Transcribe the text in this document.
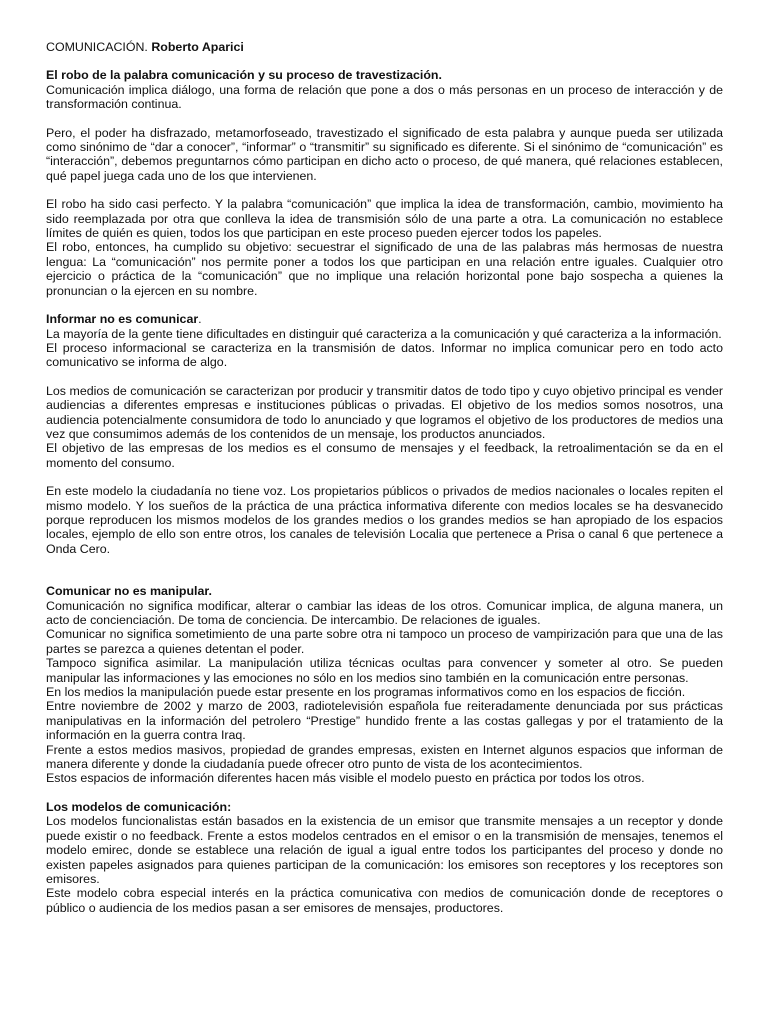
COMUNICACIÓN. Roberto Aparici
El robo de la palabra comunicación y su proceso de travestización.
Comunicación implica diálogo, una forma de relación que pone a dos o más personas en un proceso de interacción y de transformación continua.
Pero, el poder ha disfrazado, metamorfoseado, travestizado el significado de esta palabra y aunque pueda ser utilizada como sinónimo de “dar a conocer”, “informar” o “transmitir” su significado es diferente. Si el sinónimo de “comunicación” es “interacción”, debemos preguntarnos cómo participan en dicho acto o proceso, de qué manera, qué relaciones establecen, qué papel juega cada uno de los que intervienen.
El robo ha sido casi perfecto. Y la palabra “comunicación” que implica la idea de transformación, cambio, movimiento ha sido reemplazada por otra que conlleva la idea de transmisión sólo de una parte a otra. La comunicación no establece límites de quién es quien, todos los que participan en este proceso pueden ejercer todos los papeles.
El robo, entonces, ha cumplido su objetivo: secuestrar el significado de una de las palabras más hermosas de nuestra lengua: La “comunicación” nos permite poner a todos los que participan en una relación entre iguales. Cualquier otro ejercicio o práctica de la “comunicación” que no implique una relación horizontal pone bajo sospecha a quienes la pronuncian o la ejercen en su nombre.
Informar no es comunicar.
La mayoría de la gente tiene dificultades en distinguir qué caracteriza a la comunicación y qué caracteriza a la información.
El proceso informacional se caracteriza en la transmisión de datos. Informar no implica comunicar pero en todo acto comunicativo se informa de algo.
Los medios de comunicación se caracterizan por producir y transmitir datos de todo tipo y cuyo objetivo principal es vender audiencias a diferentes empresas e instituciones públicas o privadas. El objetivo de los medios somos nosotros, una audiencia potencialmente consumidora de todo lo anunciado y que logramos el objetivo de los productores de medios una vez que consumimos además de los contenidos de un mensaje, los productos anunciados.
El objetivo de las empresas de los medios es el consumo de mensajes y el feedback, la retroalimentación se da en el momento del consumo.
En este modelo la ciudadanía no tiene voz. Los propietarios públicos o privados de medios nacionales o locales repiten el mismo modelo. Y los sueños de la práctica de una práctica informativa diferente con medios locales se ha desvanecido porque reproducen los mismos modelos de los grandes medios o los grandes medios se han apropiado de los espacios locales, ejemplo de ello son entre otros, los canales de televisión Localia que pertenece a Prisa o canal 6 que pertenece a Onda Cero.
Comunicar no es manipular.
Comunicación no significa modificar, alterar o cambiar las ideas de los otros. Comunicar implica, de alguna manera, un acto de concienciación. De toma de conciencia. De intercambio. De relaciones de iguales.
Comunicar no significa sometimiento de una parte sobre otra ni tampoco un proceso de vampirización para que una de las partes se parezca a quienes detentan el poder.
Tampoco significa asimilar. La manipulación utiliza técnicas ocultas para convencer y someter al otro. Se pueden manipular las informaciones y las emociones no sólo en los medios sino también en la comunicación entre personas.
En los medios la manipulación puede estar presente en los programas informativos como en los espacios de ficción.
Entre noviembre de 2002 y marzo de 2003, radiotelevisión española fue reiteradamente denunciada por sus prácticas manipulativas en la información del petrolero “Prestige” hundido frente a las costas gallegas y por el tratamiento de la información en la guerra contra Iraq.
Frente a estos medios masivos, propiedad de grandes empresas, existen en Internet algunos espacios que informan de manera diferente y donde la ciudadanía puede ofrecer otro punto de vista de los acontecimientos.
Estos espacios de información diferentes hacen más visible el modelo puesto en práctica por todos los otros.
Los modelos de comunicación:
Los modelos funcionalistas están basados en la existencia de un emisor que transmite mensajes a un receptor y donde puede existir o no feedback. Frente a estos modelos centrados en el emisor o en la transmisión de mensajes, tenemos el modelo emirec, donde se establece una relación de igual a igual entre todos los participantes del proceso y donde no existen papeles asignados para quienes participan de la comunicación: los emisores son receptores y los receptores son emisores.
Este modelo cobra especial interés en la práctica comunicativa con medios de comunicación donde de receptores o público o audiencia de los medios pasan a ser emisores de mensajes, productores.
